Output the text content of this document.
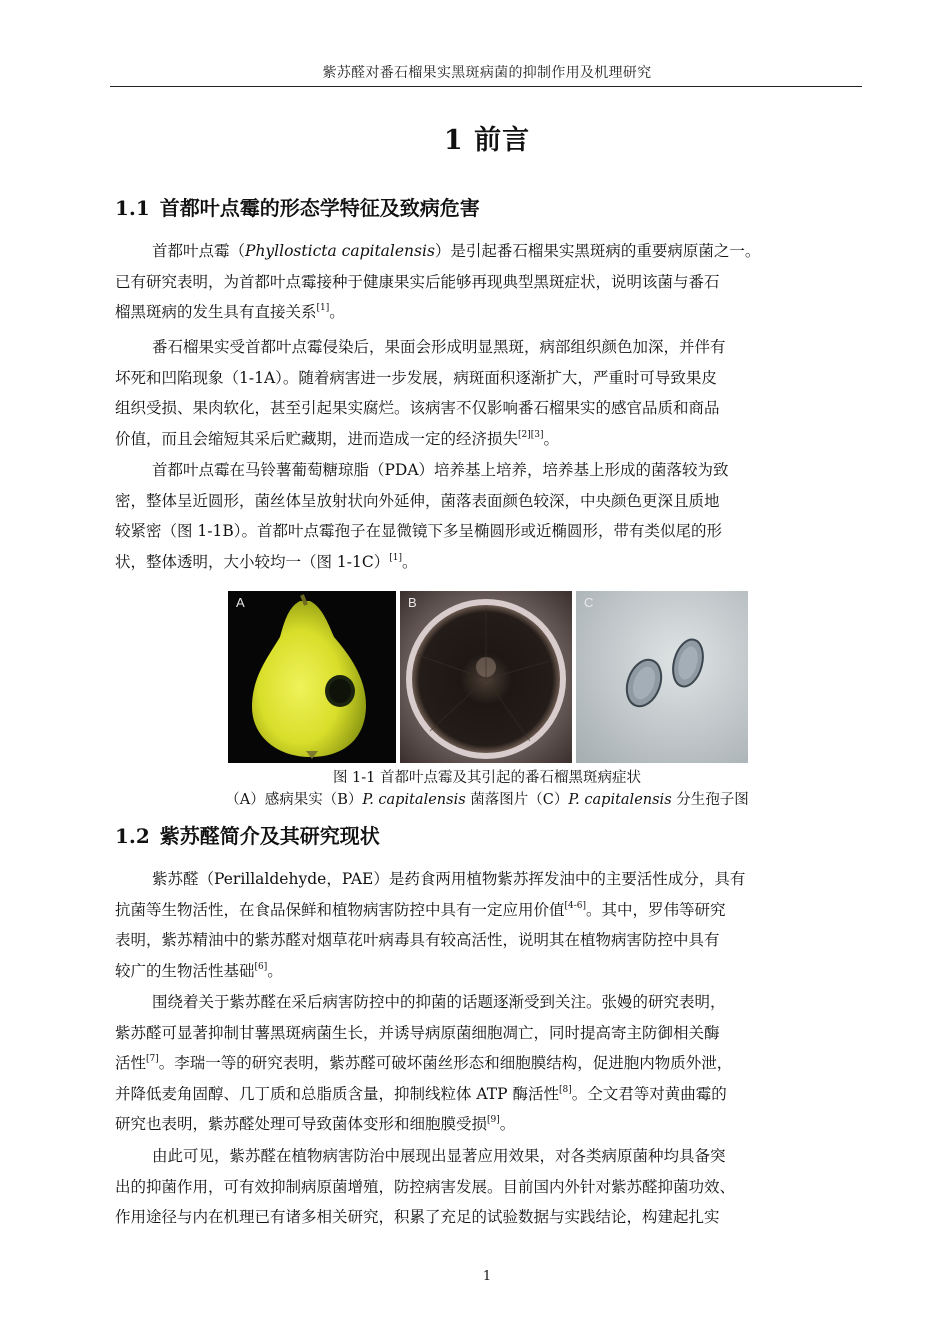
紫苏醛对番石榴果实黑斑病菌的抑制作用及机理研究
1 前言
1.1 首都叶点霉的形态学特征及致病危害

首都叶点霉（Phyllosticta capitalensis）是引起番石榴果实黑斑病的重要病原菌之一。
已有研究表明，为首都叶点霉接种于健康果实后能够再现典型黑斑症状，说明该菌与番石
榴黑斑病的发生具有直接关系[1]。

番石榴果实受首都叶点霉侵染后，果面会形成明显黑斑，病部组织颜色加深，并伴有
坏死和凹陷现象（1-1A）。随着病害进一步发展，病斑面积逐渐扩大，严重时可导致果皮
组织受损、果肉软化，甚至引起果实腐烂。该病害不仅影响番石榴果实的感官品质和商品
价值，而且会缩短其采后贮藏期，进而造成一定的经济损失[2][3]。

首都叶点霉在马铃薯葡萄糖琼脂（PDA）培养基上培养，培养基上形成的菌落较为致
密，整体呈近圆形，菌丝体呈放射状向外延伸，菌落表面颜色较深，中央颜色更深且质地
较紧密（图 1-1B）。首都叶点霉孢子在显微镜下多呈椭圆形或近椭圆形，带有类似尾的形
状，整体透明，大小较均一（图 1-1C）[1]。

A	B	C
图 1-1 首都叶点霉及其引起的番石榴黑斑病症状
（A）感病果实（B）P. capitalensis 菌落图片（C）P. capitalensis 分生孢子图
1.2 紫苏醛简介及其研究现状

紫苏醛（Perillaldehyde，PAE）是药食两用植物紫苏挥发油中的主要活性成分，具有
抗菌等生物活性，在食品保鲜和植物病害防控中具有一定应用价值[4-6]。其中，罗伟等研究
表明，紫苏精油中的紫苏醛对烟草花叶病毒具有较高活性，说明其在植物病害防控中具有
较广的生物活性基础[6]。

围绕着关于紫苏醛在采后病害防控中的抑菌的话题逐渐受到关注。张嫚的研究表明，
紫苏醛可显著抑制甘薯黑斑病菌生长，并诱导病原菌细胞凋亡，同时提高寄主防御相关酶
活性[7]。李瑞一等的研究表明，紫苏醛可破坏菌丝形态和细胞膜结构，促进胞内物质外泄，
并降低麦角固醇、几丁质和总脂质含量，抑制线粒体 ATP 酶活性[8]。仝文君等对黄曲霉的
研究也表明，紫苏醛处理可导致菌体变形和细胞膜受损[9]。

由此可见，紫苏醛在植物病害防治中展现出显著应用效果，对各类病原菌种均具备突
出的抑菌作用，可有效抑制病原菌增殖，防控病害发展。目前国内外针对紫苏醛抑菌功效、
作用途径与内在机理已有诸多相关研究，积累了充足的试验数据与实践结论，构建起扎实

1
